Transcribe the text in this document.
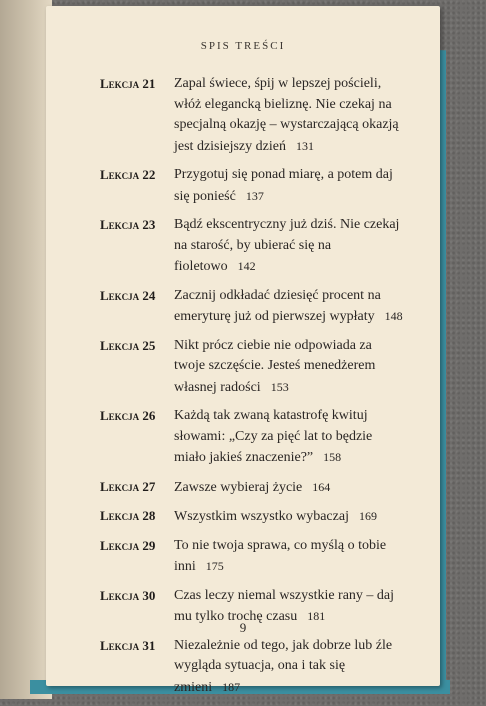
SPIS TREŚCI
Lekcja 21 Zapal świece, śpij w lepszej pościeli, włóż elegancką bieliznę. Nie czekaj na specjalną okazję – wystarczającą okazją jest dzisiejszy dzień 131
Lekcja 22 Przygotuj się ponad miarę, a potem daj się ponieść 137
Lekcja 23 Bądź ekscentryczny już dziś. Nie czekaj na starość, by ubierać się na fioletowo 142
Lekcja 24 Zacznij odkładać dziesięć procent na emeryturę już od pierwszej wypłaty 148
Lekcja 25 Nikt prócz ciebie nie odpowiada za twoje szczęście. Jesteś menedżerem własnej radości 153
Lekcja 26 Każdą tak zwaną katastrofę kwituj słowami: „Czy za pięć lat to będzie miało jakieś znaczenie?” 158
Lekcja 27 Zawsze wybieraj życie 164
Lekcja 28 Wszystkim wszystko wybaczaj 169
Lekcja 29 To nie twoja sprawa, co myślą o tobie inni 175
Lekcja 30 Czas leczy niemal wszystkie rany – daj mu tylko trochę czasu 181
Lekcja 31 Niezależnie od tego, jak dobrze lub źle wygląda sytuacja, ona i tak się zmieni 187
9
